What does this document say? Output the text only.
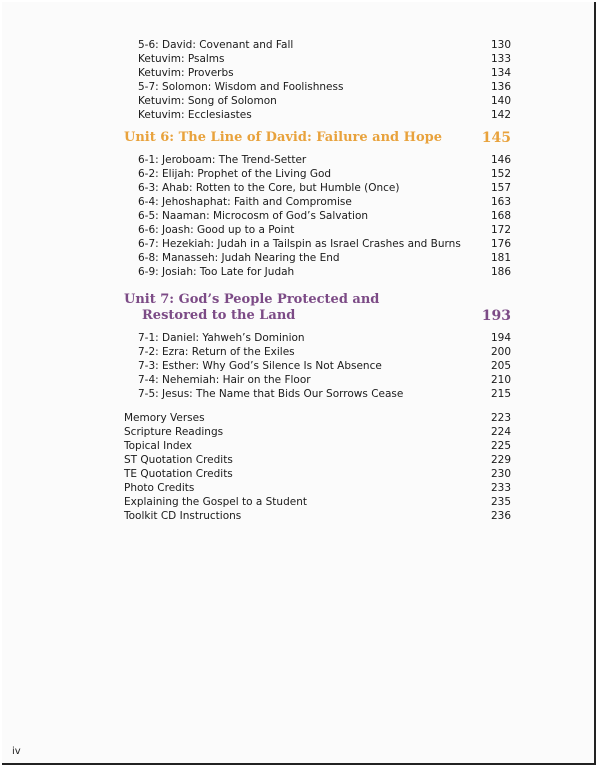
5-6: David: Covenant and Fall	130
Ketuvim: Psalms	133
Ketuvim: Proverbs	134
5-7: Solomon: Wisdom and Foolishness	136
Ketuvim: Song of Solomon	140
Ketuvim: Ecclesiastes	142
Unit 6: The Line of David: Failure and Hope	145
6-1: Jeroboam: The Trend-Setter	146
6-2: Elijah: Prophet of the Living God	152
6-3: Ahab: Rotten to the Core, but Humble (Once)	157
6-4: Jehoshaphat: Faith and Compromise	163
6-5: Naaman: Microcosm of God’s Salvation	168
6-6: Joash: Good up to a Point	172
6-7: Hezekiah: Judah in a Tailspin as Israel Crashes and Burns	176
6-8: Manasseh: Judah Nearing the End	181
6-9: Josiah: Too Late for Judah	186
Unit 7: God’s People Protected and
Restored to the Land	193
7-1: Daniel: Yahweh’s Dominion	194
7-2: Ezra: Return of the Exiles	200
7-3: Esther: Why God’s Silence Is Not Absence	205
7-4: Nehemiah: Hair on the Floor	210
7-5: Jesus: The Name that Bids Our Sorrows Cease	215
Memory Verses	223
Scripture Readings	224
Topical Index	225
ST Quotation Credits	229
TE Quotation Credits	230
Photo Credits	233
Explaining the Gospel to a Student	235
Toolkit CD Instructions	236
iv
